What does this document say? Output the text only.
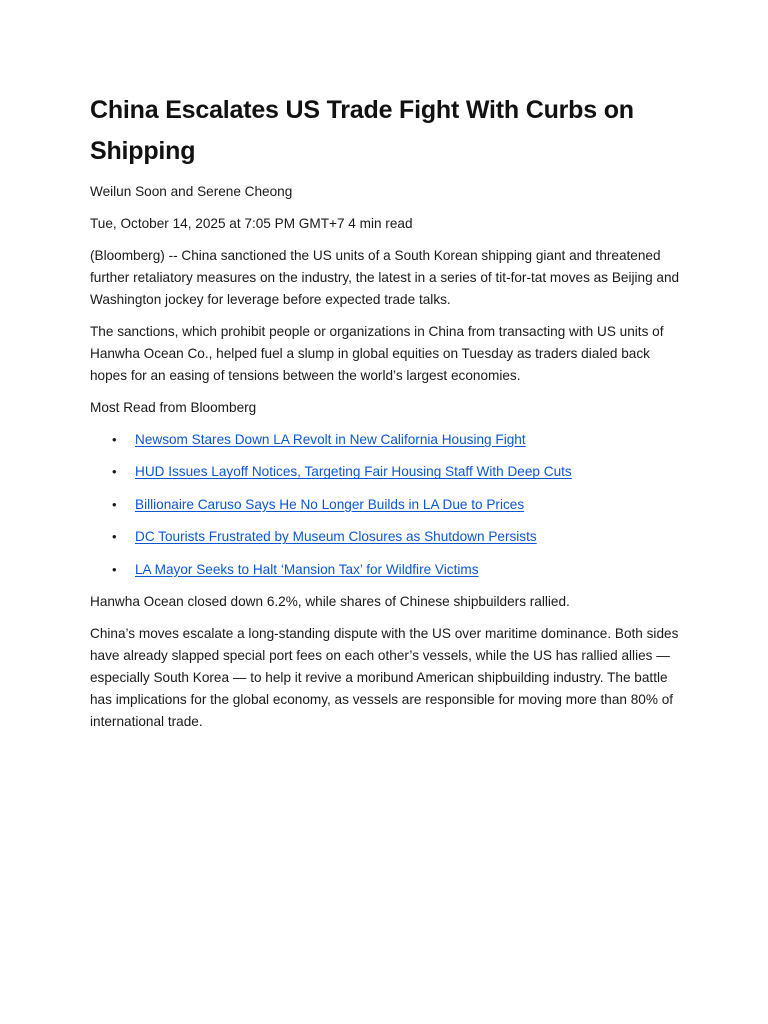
China Escalates US Trade Fight With Curbs on Shipping

Weilun Soon and Serene Cheong

Tue, October 14, 2025 at 7:05 PM GMT+7 4 min read

(Bloomberg) -- China sanctioned the US units of a South Korean shipping giant and threatened further retaliatory measures on the industry, the latest in a series of tit-for-tat moves as Beijing and Washington jockey for leverage before expected trade talks.

The sanctions, which prohibit people or organizations in China from transacting with US units of Hanwha Ocean Co., helped fuel a slump in global equities on Tuesday as traders dialed back hopes for an easing of tensions between the world’s largest economies.

Most Read from Bloomberg

• Newsom Stares Down LA Revolt in New California Housing Fight
• HUD Issues Layoff Notices, Targeting Fair Housing Staff With Deep Cuts
• Billionaire Caruso Says He No Longer Builds in LA Due to Prices
• DC Tourists Frustrated by Museum Closures as Shutdown Persists
• LA Mayor Seeks to Halt ‘Mansion Tax’ for Wildfire Victims

Hanwha Ocean closed down 6.2%, while shares of Chinese shipbuilders rallied.

China’s moves escalate a long-standing dispute with the US over maritime dominance. Both sides have already slapped special port fees on each other’s vessels, while the US has rallied allies — especially South Korea — to help it revive a moribund American shipbuilding industry. The battle has implications for the global economy, as vessels are responsible for moving more than 80% of international trade.
